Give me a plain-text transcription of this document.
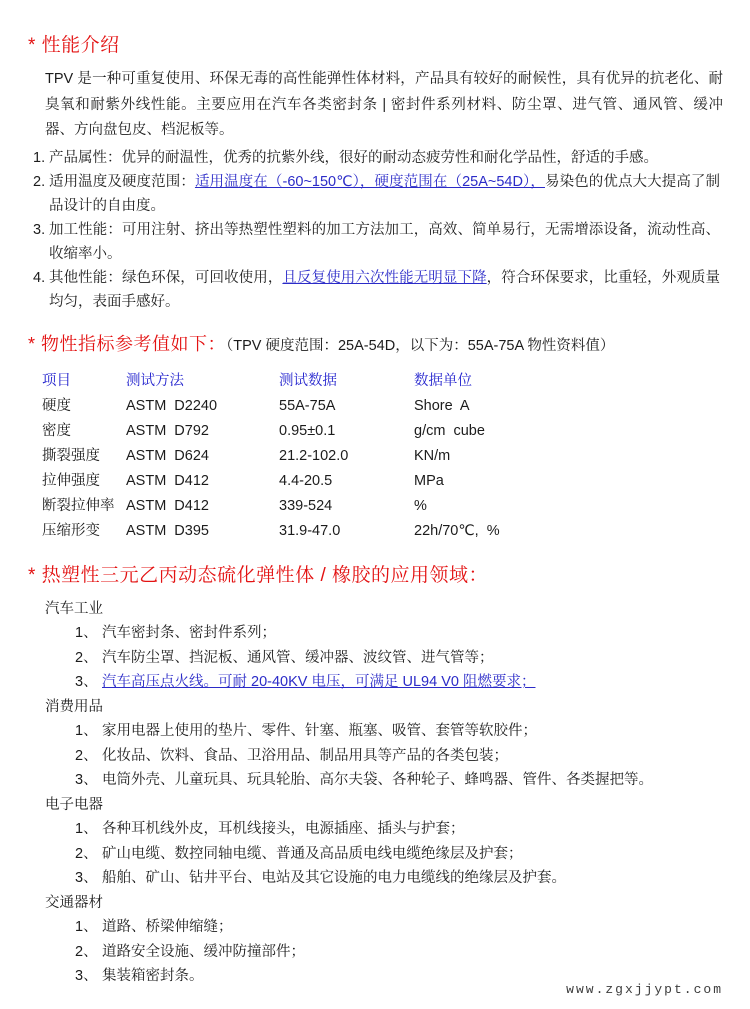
* 性能介绍

TPV 是一种可重复使用、环保无毒的高性能弹性体材料，产品具有较好的耐候性，具有优异的抗老化、耐臭氧和耐紫外线性能。主要应用在汽车各类密封条 | 密封件系列材料、防尘罩、进气管、通风管、缓冲器、方向盘包皮、档泥板等。

1. 产品属性：优异的耐温性，优秀的抗紫外线，很好的耐动态疲劳性和耐化学品性，舒适的手感。
2. 适用温度及硬度范围：适用温度在（-60~150℃），硬度范围在（25A~54D），易染色的优点大大提高了制品设计的自由度。
3. 加工性能：可用注射、挤出等热塑性塑料的加工方法加工，高效、简单易行，无需增添设备，流动性高、收缩率小。
4. 其他性能：绿色环保，可回收使用，且反复使用六次性能无明显下降，符合环保要求，比重轻，外观质量均匀，表面手感好。
* 物性指标参考值如下：（TPV 硬度范围：25A-54D，以下为：55A-75A 物性资料值）
项目	测试方法	测试数据	数据单位
硬度	ASTM D2240	55A-75A	Shore A
密度	ASTM D792	0.95±0.1	g/cm cube
撕裂强度	ASTM D624	21.2-102.0	KN/m
拉伸强度	ASTM D412	4.4-20.5	MPa
断裂拉伸率	ASTM D412	339-524	%
压缩形变	ASTM D395	31.9-47.0	22h/70℃, %
* 热塑性三元乙丙动态硫化弹性体 / 橡胶的应用领域：
汽车工业
1、 汽车密封条、密封件系列；
2、 汽车防尘罩、挡泥板、通风管、缓冲器、波纹管、进气管等；
3、 汽车高压点火线。可耐 20-40KV 电压，可满足 UL94 V0 阻燃要求；
消费用品
1、 家用电器上使用的垫片、零件、针塞、瓶塞、吸管、套管等软胶件；
2、 化妆品、饮料、食品、卫浴用品、制品用具等产品的各类包装；
3、 电筒外壳、儿童玩具、玩具轮胎、高尔夫袋、各种轮子、蜂鸣器、管件、各类握把等。
电子电器
1、 各种耳机线外皮，耳机线接头，电源插座、插头与护套；
2、 矿山电缆、数控同轴电缆、普通及高品质电线电缆绝缘层及护套；
3、 船舶、矿山、钻井平台、电站及其它设施的电力电缆线的绝缘层及护套。
交通器材
1、 道路、桥梁伸缩缝；
2、 道路安全设施、缓冲防撞部件；
3、 集装箱密封条。
www.zgxjjypt.com
